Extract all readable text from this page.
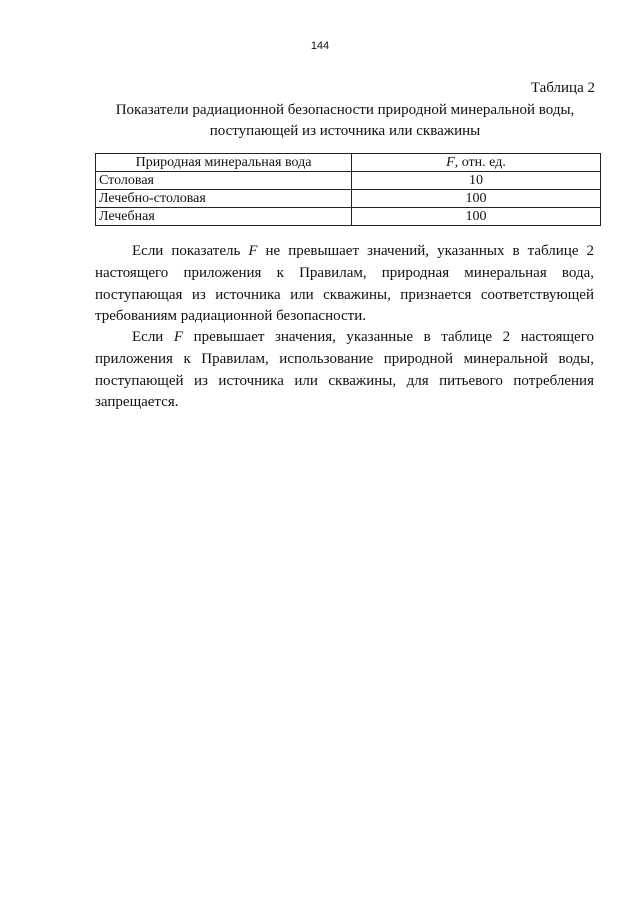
144
Таблица 2
Показатели радиационной безопасности природной минеральной воды,
поступающей из источника или скважины
Природная минеральная вода	F, отн. ед.
Столовая	10
Лечебно-столовая	100
Лечебная	100

Если показатель F не превышает значений, указанных в таблице 2 настоящего приложения к Правилам, природная минеральная вода, поступающая из источника или скважины, признается соответствующей требованиям радиационной безопасности.

Если F превышает значения, указанные в таблице 2 настоящего приложения к Правилам, использование природной минеральной воды, поступающей из источника или скважины, для питьевого потребления запрещается.
